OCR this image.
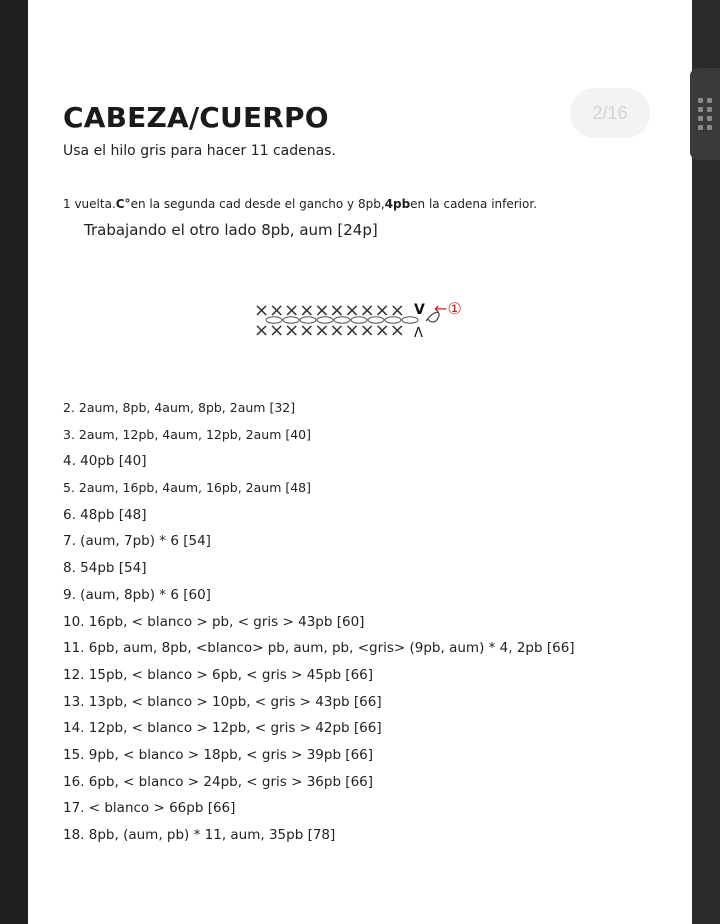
2/16
CABEZA/CUERPO
Usa el hilo gris para hacer 11 cadenas.
1 vuelta.C°en la segunda cad desde el gancho y 8pb,4pben la cadena inferior.
Trabajando el otro lado 8pb, aum [24p]
×××××××××× V ←①
×××××××××× Λ
2. 2aum, 8pb, 4aum, 8pb, 2aum [32]
3. 2aum, 12pb, 4aum, 12pb, 2aum [40]
4. 40pb [40]
5. 2aum, 16pb, 4aum, 16pb, 2aum [48]
6. 48pb [48]
7. (aum, 7pb) * 6 [54]
8. 54pb [54]
9. (aum, 8pb) * 6 [60]
10. 16pb, < blanco > pb, < gris > 43pb [60]
11. 6pb, aum, 8pb, <blanco> pb, aum, pb, <gris> (9pb, aum) * 4, 2pb [66]
12. 15pb, < blanco > 6pb, < gris > 45pb [66]
13. 13pb, < blanco > 10pb, < gris > 43pb [66]
14. 12pb, < blanco > 12pb, < gris > 42pb [66]
15. 9pb, < blanco > 18pb, < gris > 39pb [66]
16. 6pb, < blanco > 24pb, < gris > 36pb [66]
17. < blanco > 66pb [66]
18. 8pb, (aum, pb) * 11, aum, 35pb [78]
